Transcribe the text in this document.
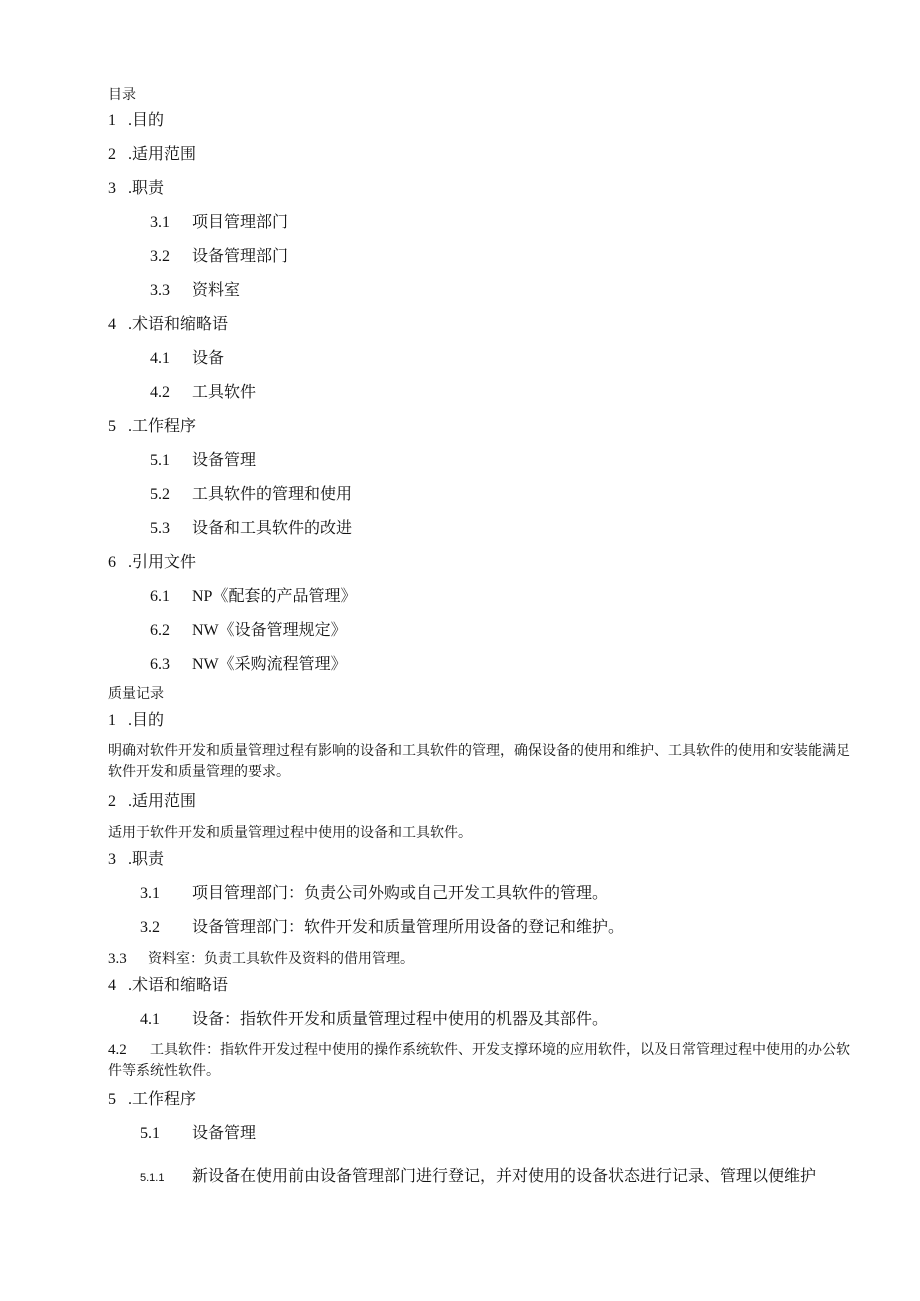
目录
1 .目的
2 .适用范围
3 .职责
3.1 项目管理部门
3.2 设备管理部门
3.3 资料室
4 .术语和缩略语
4.1 设备
4.2 工具软件
5 .工作程序
5.1 设备管理
5.2 工具软件的管理和使用
5.3 设备和工具软件的改进
6 .引用文件
6.1 NP《配套的产品管理》
6.2 NW《设备管理规定》
6.3 NW《采购流程管理》
质量记录
1 .目的
明确对软件开发和质量管理过程有影响的设备和工具软件的管理，确保设备的使用和维护、工具软件的使用和安装能满足软件开发和质量管理的要求。
2 .适用范围
适用于软件开发和质量管理过程中使用的设备和工具软件。
3 .职责
3.1 项目管理部门：负责公司外购或自己开发工具软件的管理。
3.2 设备管理部门：软件开发和质量管理所用设备的登记和维护。
3.3 资料室：负责工具软件及资料的借用管理。
4 .术语和缩略语
4.1 设备：指软件开发和质量管理过程中使用的机器及其部件。
4.2 工具软件：指软件开发过程中使用的操作系统软件、开发支撑环境的应用软件，以及日常管理过程中使用的办公软件等系统性软件。
5 .工作程序
5.1 设备管理
5.1.1 新设备在使用前由设备管理部门进行登记，并对使用的设备状态进行记录、管理以便维护
